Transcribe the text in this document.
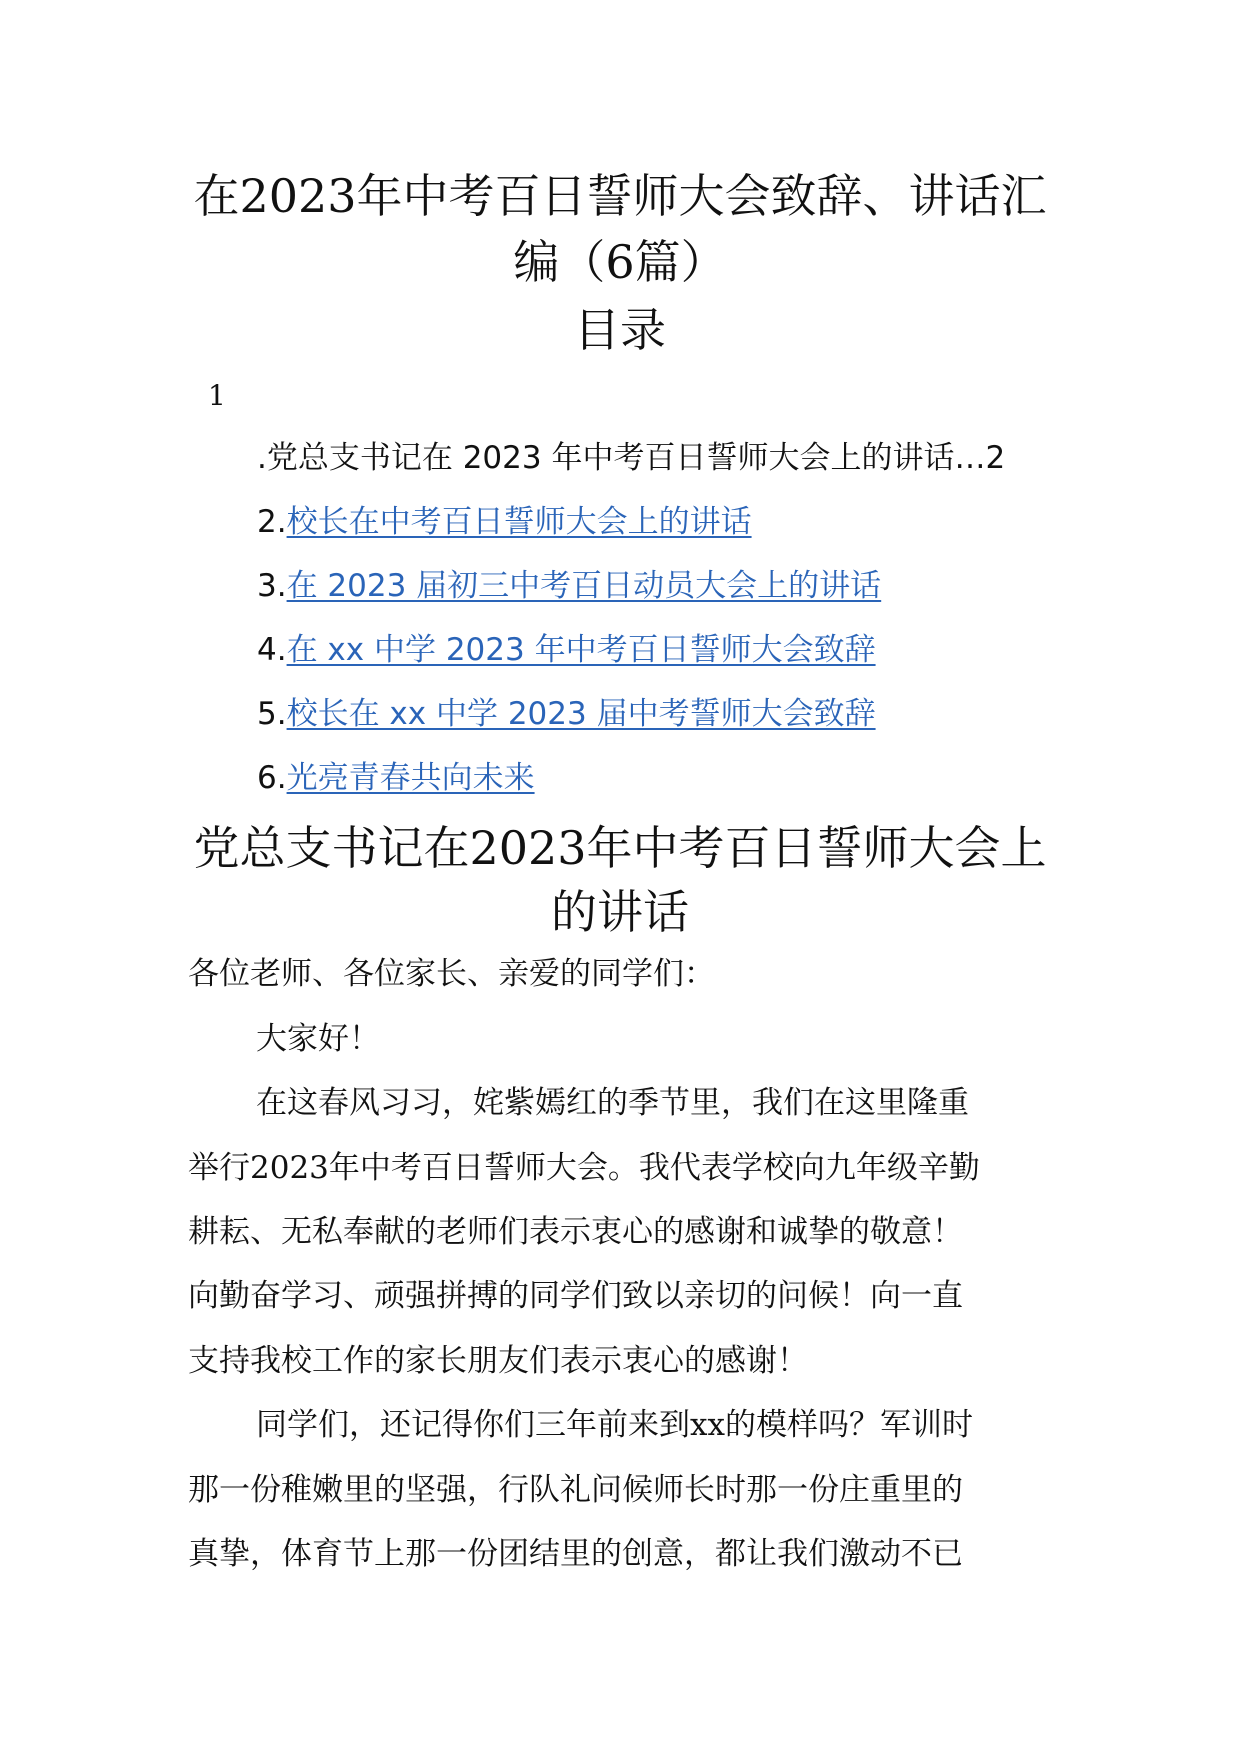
在2023年中考百日誓师大会致辞、讲话汇
编（6篇）
目录
1
.党总支书记在 2023 年中考百日誓师大会上的讲话…2
2.校长在中考百日誓师大会上的讲话
3.在 2023 届初三中考百日动员大会上的讲话
4.在 xx 中学 2023 年中考百日誓师大会致辞
5.校长在 xx 中学 2023 届中考誓师大会致辞
6.光亮青春共向未来
党总支书记在2023年中考百日誓师大会上
的讲话
各位老师、各位家长、亲爱的同学们：
大家好！
在这春风习习，姹紫嫣红的季节里，我们在这里隆重
举行2023年中考百日誓师大会。我代表学校向九年级辛勤
耕耘、无私奉献的老师们表示衷心的感谢和诚挚的敬意！
向勤奋学习、顽强拼搏的同学们致以亲切的问候！向一直
支持我校工作的家长朋友们表示衷心的感谢！
同学们，还记得你们三年前来到xx的模样吗？军训时
那一份稚嫩里的坚强，行队礼问候师长时那一份庄重里的
真挚，体育节上那一份团结里的创意，都让我们激动不已
